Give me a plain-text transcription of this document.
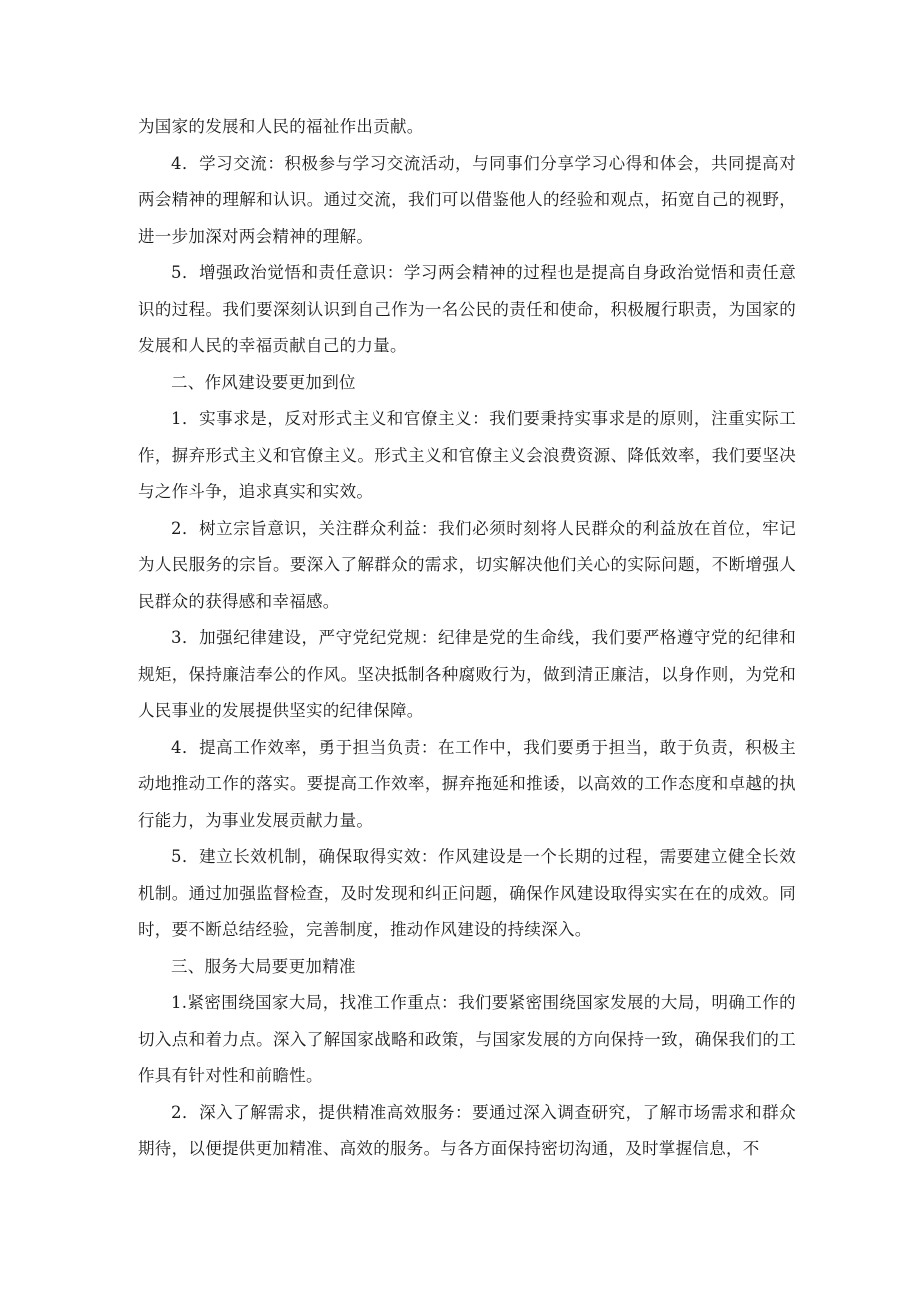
为国家的发展和人民的福祉作出贡献。

4．学习交流：积极参与学习交流活动，与同事们分享学习心得和体会，共同提高对两会精神的理解和认识。通过交流，我们可以借鉴他人的经验和观点，拓宽自己的视野，进一步加深对两会精神的理解。

5．增强政治觉悟和责任意识：学习两会精神的过程也是提高自身政治觉悟和责任意识的过程。我们要深刻认识到自己作为一名公民的责任和使命，积极履行职责，为国家的发展和人民的幸福贡献自己的力量。

二、作风建设要更加到位

1．实事求是，反对形式主义和官僚主义：我们要秉持实事求是的原则，注重实际工作，摒弃形式主义和官僚主义。形式主义和官僚主义会浪费资源、降低效率，我们要坚决与之作斗争，追求真实和实效。

2．树立宗旨意识，关注群众利益：我们必须时刻将人民群众的利益放在首位，牢记为人民服务的宗旨。要深入了解群众的需求，切实解决他们关心的实际问题，不断增强人民群众的获得感和幸福感。

3．加强纪律建设，严守党纪党规：纪律是党的生命线，我们要严格遵守党的纪律和规矩，保持廉洁奉公的作风。坚决抵制各种腐败行为，做到清正廉洁，以身作则，为党和人民事业的发展提供坚实的纪律保障。

4．提高工作效率，勇于担当负责：在工作中，我们要勇于担当，敢于负责，积极主动地推动工作的落实。要提高工作效率，摒弃拖延和推诿，以高效的工作态度和卓越的执行能力，为事业发展贡献力量。

5．建立长效机制，确保取得实效：作风建设是一个长期的过程，需要建立健全长效机制。通过加强监督检查，及时发现和纠正问题，确保作风建设取得实实在在的成效。同时，要不断总结经验，完善制度，推动作风建设的持续深入。

三、服务大局要更加精准

1.紧密围绕国家大局，找准工作重点：我们要紧密围绕国家发展的大局，明确工作的切入点和着力点。深入了解国家战略和政策，与国家发展的方向保持一致，确保我们的工作具有针对性和前瞻性。

2．深入了解需求，提供精准高效服务：要通过深入调查研究，了解市场需求和群众期待，以便提供更加精准、高效的服务。与各方面保持密切沟通，及时掌握信息，不
